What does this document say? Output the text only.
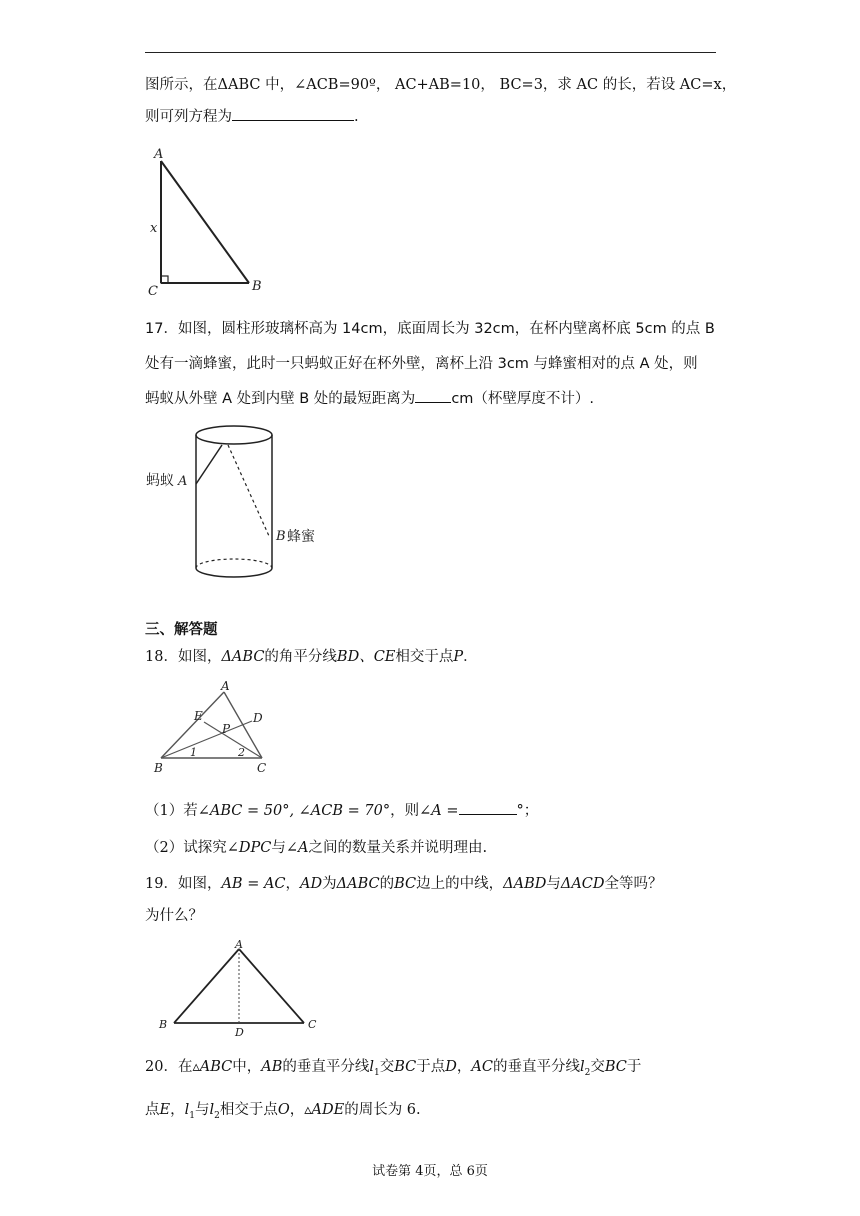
图所示，在ΔABC 中，∠ACB=90º， AC+AB=10， BC=3，求 AC 的长，若设 AC=x，
则可列方程为	.
A
C	B
x
17．如图，圆柱形玻璃杯高为 14cm，底面周长为 32cm，在杯内壁离杯底 5cm 的点 B
处有一滴蜂蜜，此时一只蚂蚁正好在杯外壁，离杯上沿 3cm 与蜂蜜相对的点 A 处，则
蚂蚁从外壁 A 处到内壁 B 处的最短距离为 cm（杯壁厚度不计）.
蚂蚁 A
B 蜂蜜
三、解答题
18．如图，ΔABC的角平分线BD、CE相交于点P．
A
E	D
P
B	C
1	2
（1）若∠ABC = 50°, ∠ACB = 70°，则∠A =	°；
（2）试探究∠DPC与∠A之间的数量关系并说明理由.
19．如图，AB = AC，AD为ΔABC的BC边上的中线，ΔABD与ΔACD全等吗？
为什么？
A
B
D
C
20．在▵ABC中，AB的垂直平分线$l_1$交BC于点D，AC的垂直平分线$l_2$交BC于
点E，$l_1$与$l_2$相交于点O，▵ADE的周长为 6.
试卷第 4页，总 6页
